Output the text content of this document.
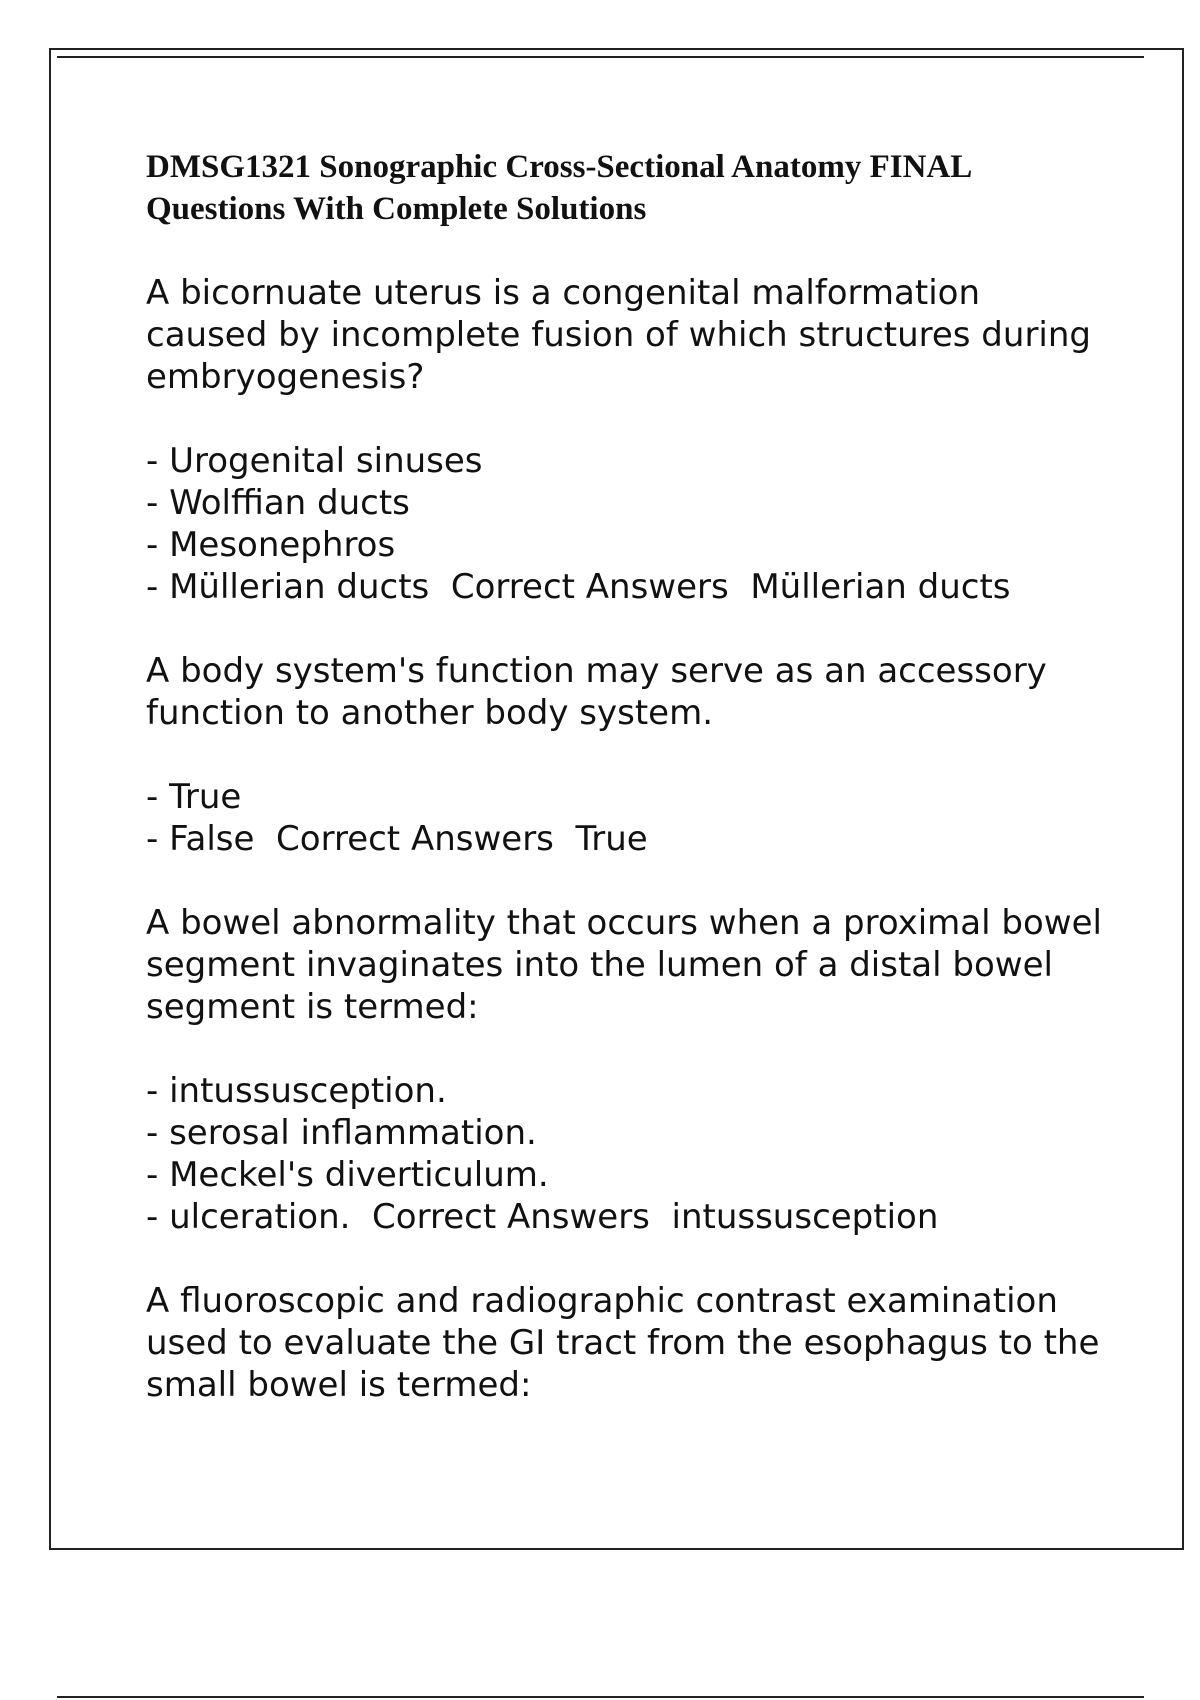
DMSG1321 Sonographic Cross-Sectional Anatomy FINAL Questions With Complete Solutions
A bicornuate uterus is a congenital malformation caused by incomplete fusion of which structures during embryogenesis?
- Urogenital sinuses
- Wolffian ducts
- Mesonephros
- Müllerian ducts  Correct Answers  Müllerian ducts
A body system's function may serve as an accessory function to another body system.
- True
- False  Correct Answers  True
A bowel abnormality that occurs when a proximal bowel segment invaginates into the lumen of a distal bowel segment is termed:
- intussusception.
- serosal inflammation.
- Meckel's diverticulum.
- ulceration.  Correct Answers  intussusception
A fluoroscopic and radiographic contrast examination used to evaluate the GI tract from the esophagus to the small bowel is termed:
